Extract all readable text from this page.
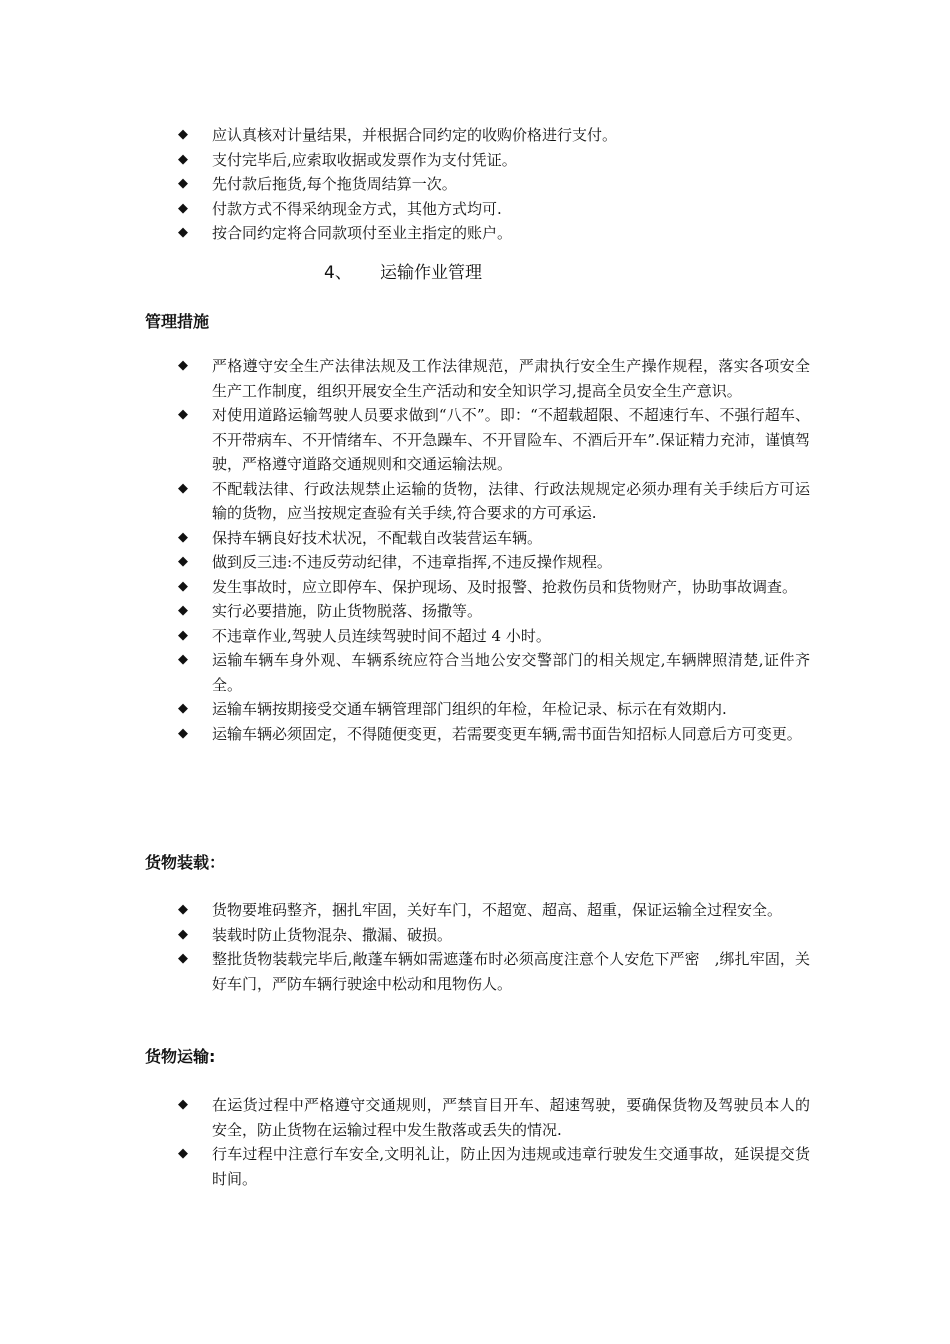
◆	应认真核对计量结果，并根据合同约定的收购价格进行支付。
◆	支付完毕后,应索取收据或发票作为支付凭证。
◆	先付款后拖货,每个拖货周结算一次。
◆	付款方式不得采纳现金方式，其他方式均可.
◆	按合同约定将合同款项付至业主指定的账户。
4、 运输作业管理
管理措施
◆	严格遵守安全生产法律法规及工作法律规范，严肃执行安全生产操作规程，落实各项安全生产工作制度，组织开展安全生产活动和安全知识学习,提高全员安全生产意识。
◆	对使用道路运输驾驶人员要求做到“八不”。即：“不超载超限、不超速行车、不强行超车、不开带病车、不开情绪车、不开急躁车、不开冒险车、不酒后开车”.保证精力充沛，谨慎驾驶，严格遵守道路交通规则和交通运输法规。
◆	不配载法律、行政法规禁止运输的货物，法律、行政法规规定必须办理有关手续后方可运输的货物，应当按规定查验有关手续,符合要求的方可承运.
◆	保持车辆良好技术状况，不配载自改装营运车辆。
◆	做到反三违:不违反劳动纪律，不违章指挥,不违反操作规程。
◆	发生事故时，应立即停车、保护现场、及时报警、抢救伤员和货物财产，协助事故调查。
◆	实行必要措施，防止货物脱落、扬撒等。
◆	不违章作业,驾驶人员连续驾驶时间不超过 4 小时。
◆	运输车辆车身外观、车辆系统应符合当地公安交警部门的相关规定,车辆牌照清楚,证件齐全。
◆	运输车辆按期接受交通车辆管理部门组织的年检，年检记录、标示在有效期内.
◆	运输车辆必须固定，不得随便变更，若需要变更车辆,需书面告知招标人同意后方可变更。
货物装载：
◆	货物要堆码整齐，捆扎牢固，关好车门，不超宽、超高、超重，保证运输全过程安全。
◆	装载时防止货物混杂、撒漏、破损。
◆	整批货物装载完毕后,敞蓬车辆如需遮蓬布时必须高度注意个人安危下严密　,绑扎牢固，关好车门，严防车辆行驶途中松动和甩物伤人。
货物运输:
◆	在运货过程中严格遵守交通规则，严禁盲目开车、超速驾驶，要确保货物及驾驶员本人的安全，防止货物在运输过程中发生散落或丢失的情况.
◆	行车过程中注意行车安全,文明礼让，防止因为违规或违章行驶发生交通事故，延误提交货时间。
